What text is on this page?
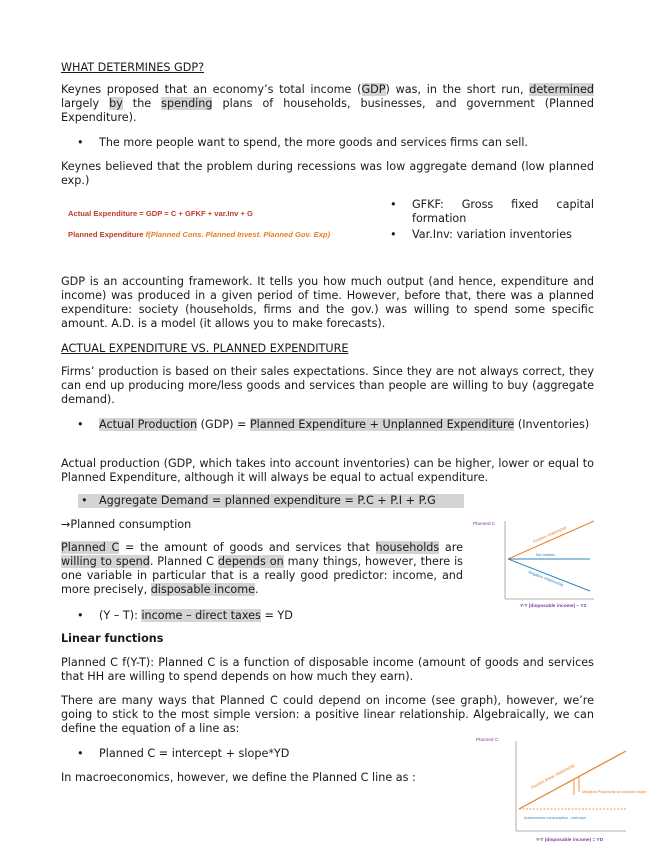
WHAT DETERMINES GDP?

Keynes proposed that an economy’s total income (GDP) was, in the short run, determined largely by the spending plans of households, businesses, and government (Planned Expenditure).

• The more people want to spend, the more goods and services firms can sell.

Keynes believed that the problem during recessions was low aggregate demand (low planned exp.)

Actual Expenditure = GDP = C + GFKF + var.Inv + G
Planned Expenditure f(Planned Cons. Planned Invest. Planned Gov. Exp)
• GFKF: Gross fixed capital formation
• Var.Inv: variation inventories

GDP is an accounting framework. It tells you how much output (and hence, expenditure and income) was produced in a given period of time. However, before that, there was a planned expenditure: society (households, firms and the gov.) was willing to spend some specific amount. A.D. is a model (it allows you to make forecasts).

ACTUAL EXPENDITURE VS. PLANNED EXPENDITURE

Firms’ production is based on their sales expectations. Since they are not always correct, they can end up producing more/less goods and services than people are willing to buy (aggregate demand).

• Actual Production (GDP) = Planned Expenditure + Unplanned Expenditure (Inventories)

Actual production (GDP, which takes into account inventories) can be higher, lower or equal to Planned Expenditure, although it will always be equal to actual expenditure.

• Aggregate Demand = planned expenditure = P.C + P.I + P.G
→Planned consumption

Planned C = the amount of goods and services that households are willing to spend. Planned C depends on many things, however, there is one variable in particular that is a really good predictor: income, and more precisely, disposable income.

• (Y – T): income – direct taxes = YD
Planned C
Y-T (disposable income) – Y2
Positive relationship
No relation
Negative relationship
Linear functions

Planned C f(Y-T): Planned C is a function of disposable income (amount of goods and services that HH are willing to spend depends on how much they earn).

There are many ways that Planned C could depend on income (see graph), however, we’re going to stick to the most simple version: a positive linear relationship. Algebraically, we can define the equation of a line as:

• Planned C = intercept + slope*YD

In macroeconomics, however, we define the Planned C line as :

Planned C
Y-T (disposable income) = YD
Positive linear relationship
Marginal Propensity to consume slope
Autonomous consumption - intercept
